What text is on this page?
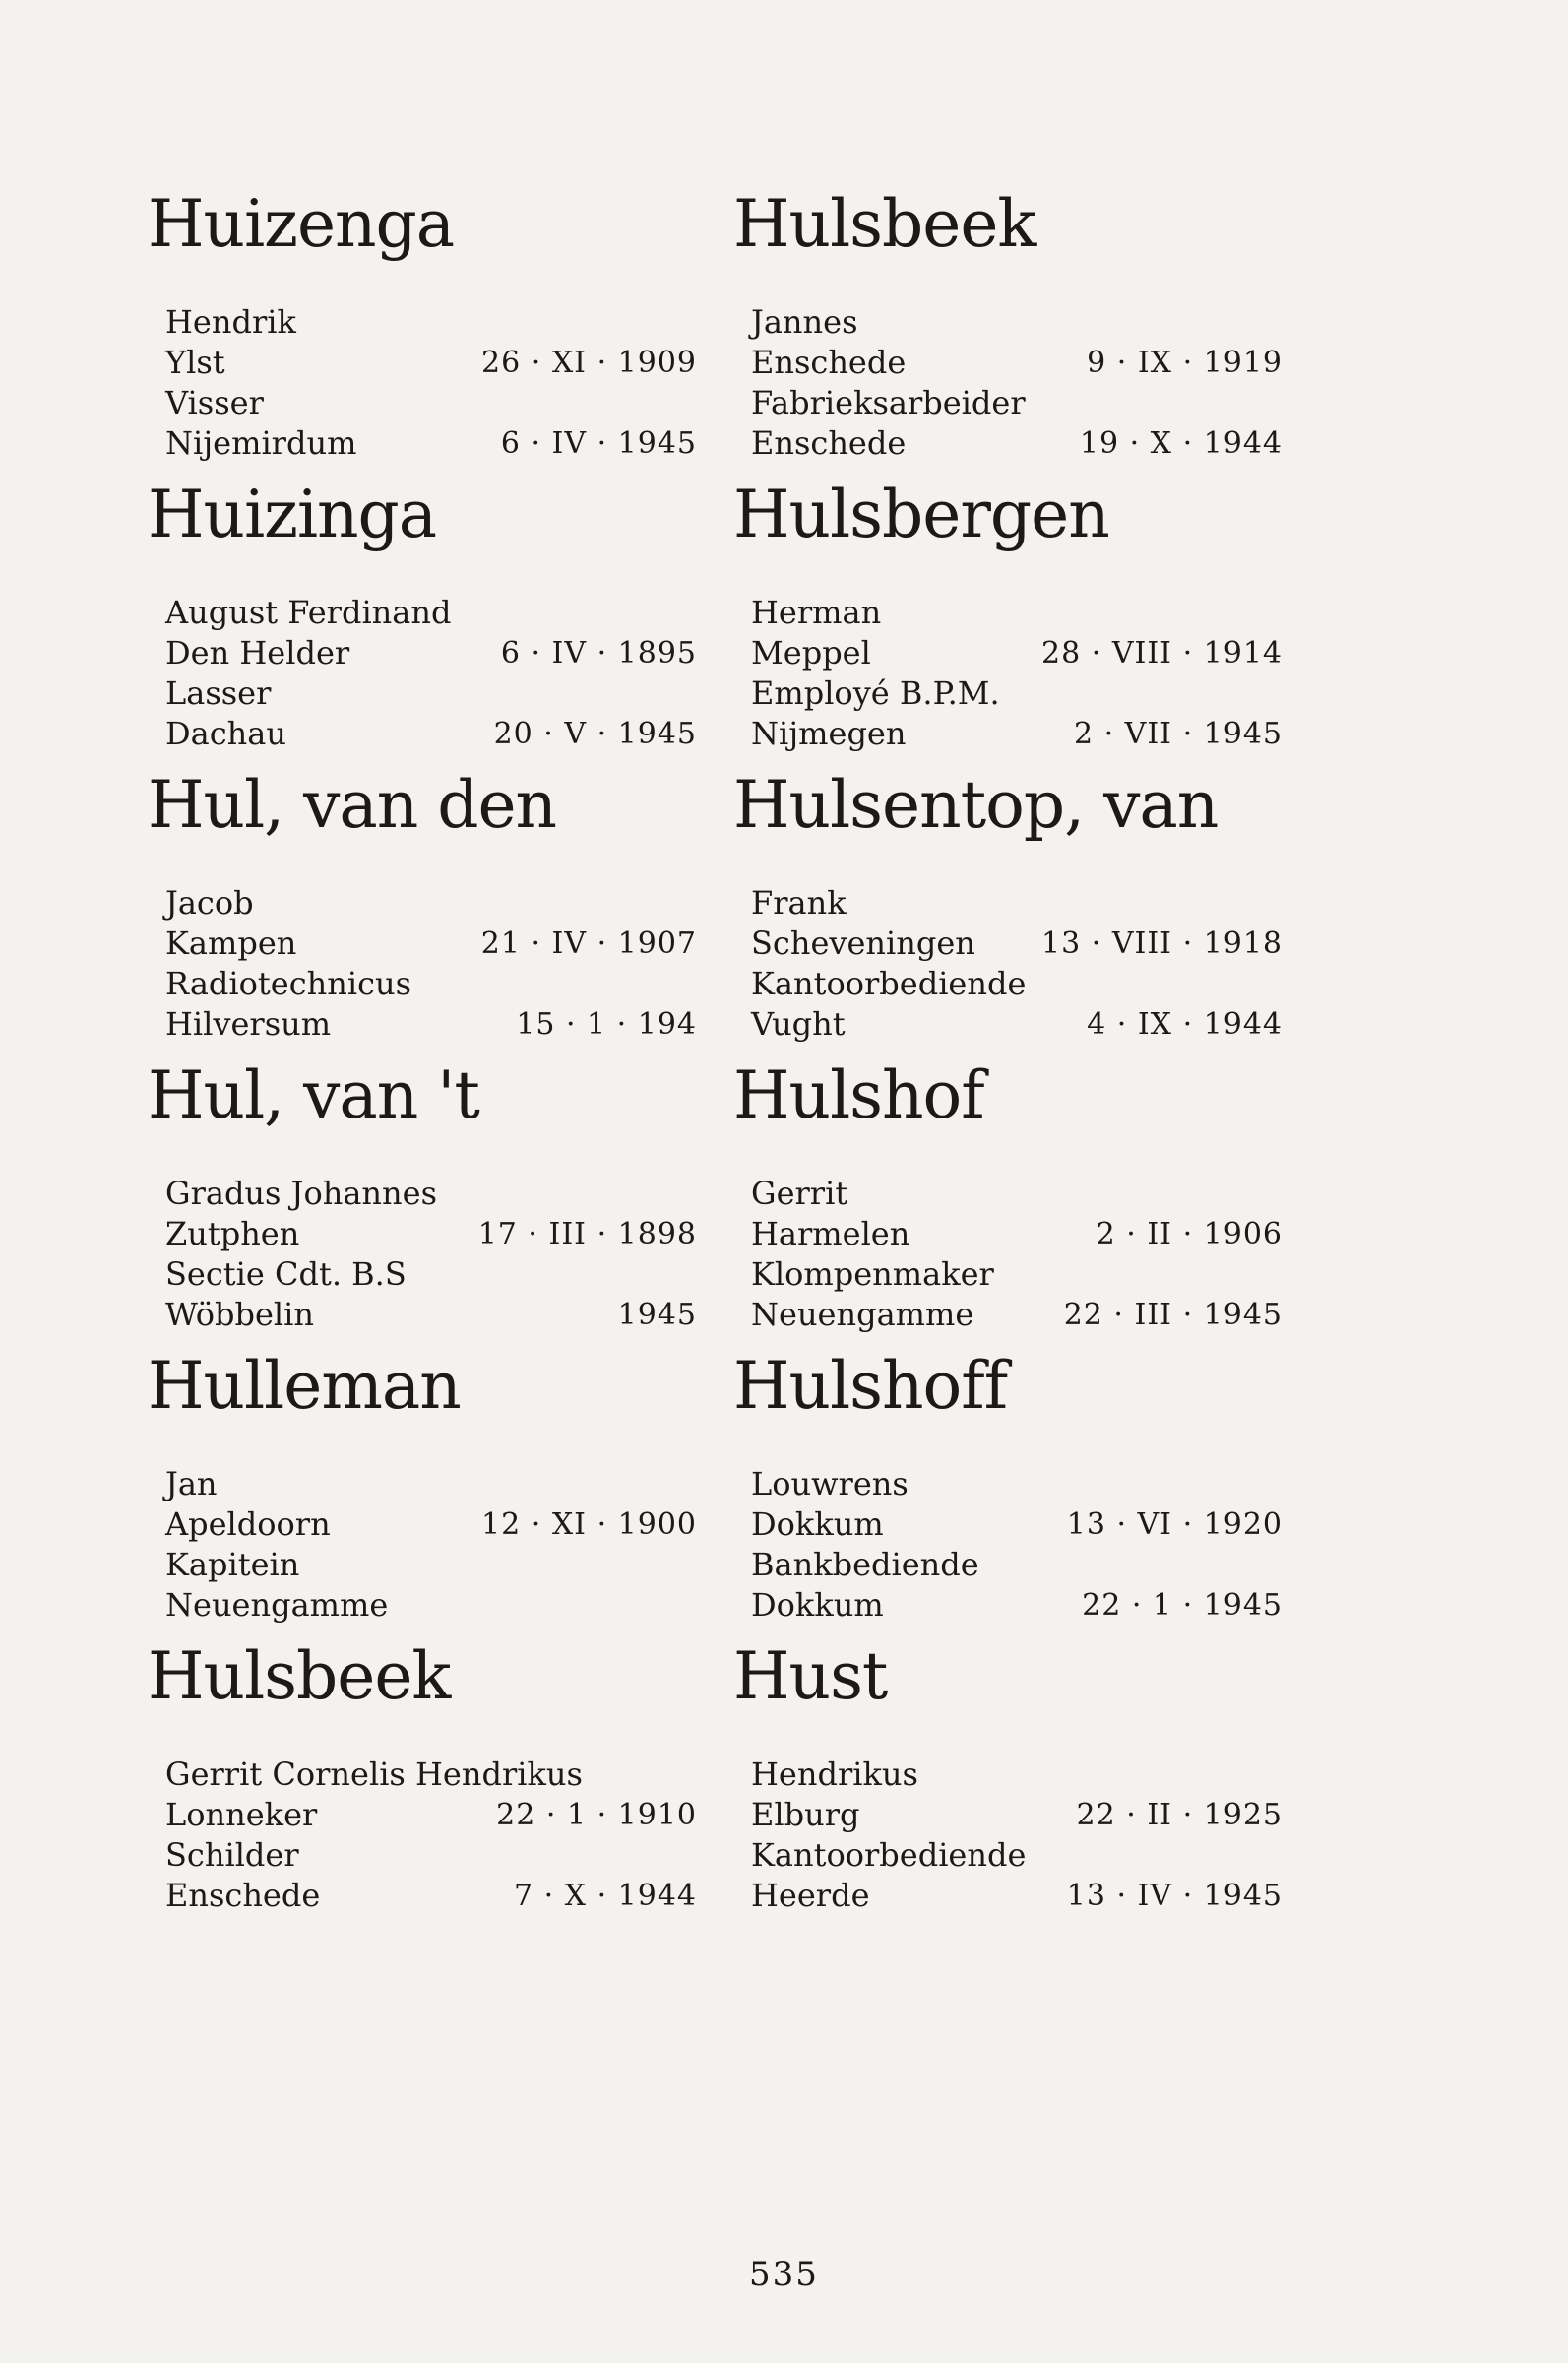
Huizenga
Hendrik
Ylst	26 · XI · 1909
Visser
Nijemirdum	6 · IV · 1945
Huizinga
August Ferdinand
Den Helder	6 · IV · 1895
Lasser
Dachau	20 · V · 1945
Hul, van den
Jacob
Kampen	21 · IV · 1907
Radiotechnicus
Hilversum	15 · 1 · 194
Hul, van 't
Gradus Johannes
Zutphen	17 · III · 1898
Sectie Cdt. B.S
Wöbbelin	1945
Hulleman
Jan
Apeldoorn	12 · XI · 1900
Kapitein
Neuengamme
Hulsbeek
Gerrit Cornelis Hendrikus
Lonneker	22 · 1 · 1910
Schilder
Enschede	7 · X · 1944
Hulsbeek
Jannes
Enschede	9 · IX · 1919
Fabrieksarbeider
Enschede	19 · X · 1944
Hulsbergen
Herman
Meppel	28 · VIII · 1914
Employé B.P.M.
Nijmegen	2 · VII · 1945
Hulsentop, van
Frank
Scheveningen 13 · VIII · 1918
Kantoorbediende
Vught	4 · IX · 1944
Hulshof
Gerrit
Harmelen	2 · II · 1906
Klompenmaker
Neuengamme	22 · III · 1945
Hulshoff
Louwrens
Dokkum	13 · VI · 1920
Bankbediende
Dokkum	22 · 1 · 1945
Hust
Hendrikus
Elburg	22 · II · 1925
Kantoorbediende
Heerde	13 · IV · 1945
535
